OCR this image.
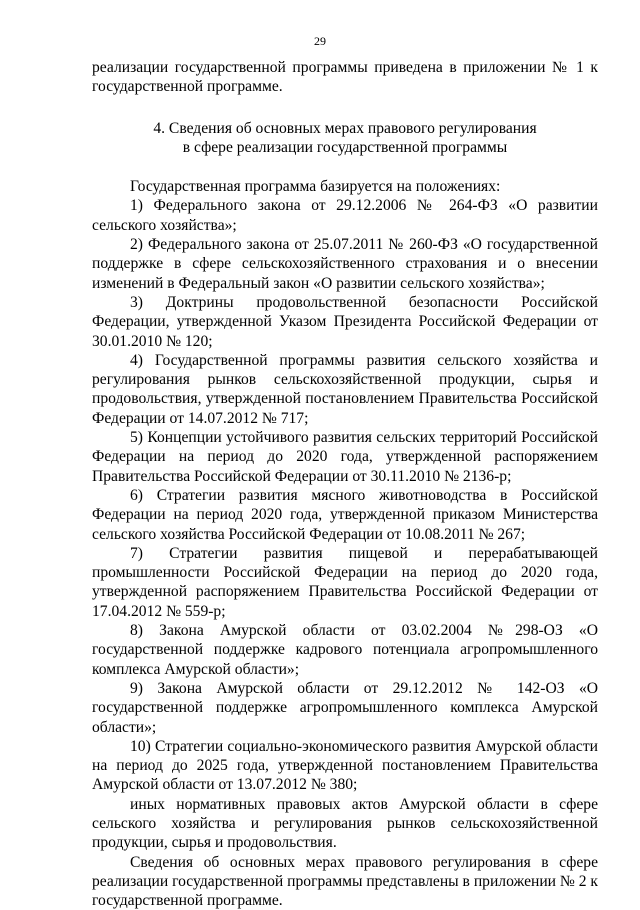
29

реализации государственной программы приведена в приложении № 1 к государственной программе.

4. Сведения об основных мерах правового регулирования
в сфере реализации государственной программы

Государственная программа базируется на положениях:

1) Федерального закона от 29.12.2006 № 264-ФЗ «О развитии сельского хозяйства»;

2) Федерального закона от 25.07.2011 № 260-ФЗ «О государственной поддержке в сфере сельскохозяйственного страхования и о внесении изменений в Федеральный закон «О развитии сельского хозяйства»;

3) Доктрины продовольственной безопасности Российской Федерации, утвержденной Указом Президента Российской Федерации от 30.01.2010 № 120;

4) Государственной программы развития сельского хозяйства и регулирования рынков сельскохозяйственной продукции, сырья и продовольствия, утвержденной постановлением Правительства Российской Федерации от 14.07.2012 № 717;

5) Концепции устойчивого развития сельских территорий Российской Федерации на период до 2020 года, утвержденной распоряжением Правительства Российской Федерации от 30.11.2010 № 2136-р;

6) Стратегии развития мясного животноводства в Российской Федерации на период 2020 года, утвержденной приказом Министерства сельского хозяйства Российской Федерации от 10.08.2011 № 267;

7) Стратегии развития пищевой и перерабатывающей промышленности Российской Федерации на период до 2020 года, утвержденной распоряжением Правительства Российской Федерации от 17.04.2012 № 559-р;

8) Закона Амурской области от 03.02.2004 №298-ОЗ «О государственной поддержке кадрового потенциала агропромышленного комплекса Амурской области»;

9) Закона Амурской области от 29.12.2012 № 142-ОЗ «О государственной поддержке агропромышленного комплекса Амурской области»;

10) Стратегии социально-экономического развития Амурской области на период до 2025 года, утвержденной постановлением Правительства Амурской области от 13.07.2012 № 380;

иных нормативных правовых актов Амурской области в сфере сельского хозяйства и регулирования рынков сельскохозяйственной продукции, сырья и продовольствия.

Сведения об основных мерах правового регулирования в сфере реализации государственной программы представлены в приложении № 2 к государственной программе.
